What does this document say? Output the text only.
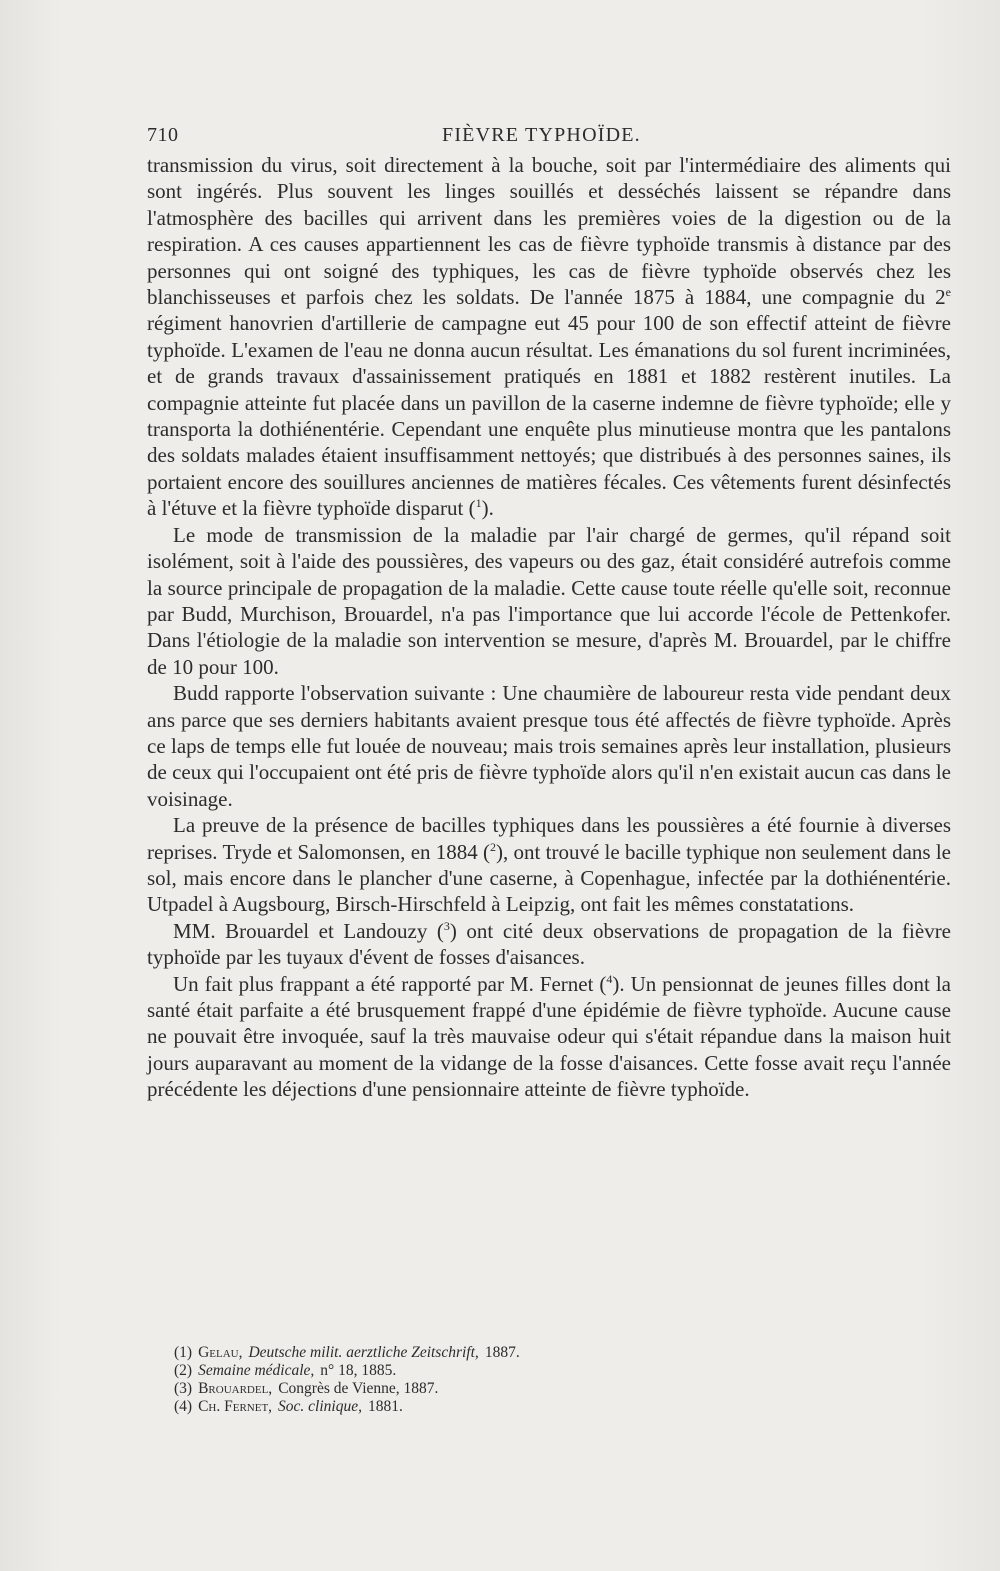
710	FIÈVRE TYPHOÏDE.

transmission du virus, soit directement à la bouche, soit par l'intermédiaire des aliments qui sont ingérés. Plus souvent les linges souillés et desséchés laissent se répandre dans l'atmosphère des bacilles qui arrivent dans les premières voies de la digestion ou de la respiration. A ces causes appartiennent les cas de fièvre typhoïde transmis à distance par des personnes qui ont soigné des typhiques, les cas de fièvre typhoïde observés chez les blanchisseuses et parfois chez les soldats. De l'année 1875 à 1884, une compagnie du 2e régiment hanovrien d'artillerie de campagne eut 45 pour 100 de son effectif atteint de fièvre typhoïde. L'examen de l'eau ne donna aucun résultat. Les émanations du sol furent incriminées, et de grands travaux d'assainissement pratiqués en 1881 et 1882 restèrent inutiles. La compagnie atteinte fut placée dans un pavillon de la caserne indemne de fièvre typhoïde; elle y transporta la dothiénentérie. Cependant une enquête plus minutieuse montra que les pantalons des soldats malades étaient insuffisamment nettoyés; que distribués à des personnes saines, ils portaient encore des souillures anciennes de matières fécales. Ces vêtements furent désinfectés à l'étuve et la fièvre typhoïde disparut ($^1$).

Le mode de transmission de la maladie par l'air chargé de germes, qu'il répand soit isolément, soit à l'aide des poussières, des vapeurs ou des gaz, était considéré autrefois comme la source principale de propagation de la maladie. Cette cause toute réelle qu'elle soit, reconnue par Budd, Murchison, Brouardel, n'a pas l'importance que lui accorde l'école de Pettenkofer. Dans l'étiologie de la maladie son intervention se mesure, d'après M. Brouardel, par le chiffre de 10 pour 100.

Budd rapporte l'observation suivante : Une chaumière de laboureur resta vide pendant deux ans parce que ses derniers habitants avaient presque tous été affectés de fièvre typhoïde. Après ce laps de temps elle fut louée de nouveau; mais trois semaines après leur installation, plusieurs de ceux qui l'occupaient ont été pris de fièvre typhoïde alors qu'il n'en existait aucun cas dans le voisinage.

La preuve de la présence de bacilles typhiques dans les poussières a été fournie à diverses reprises. Tryde et Salomonsen, en 1884 ($^2$), ont trouvé le bacille typhique non seulement dans le sol, mais encore dans le plancher d'une caserne, à Copenhague, infectée par la dothiénentérie. Utpadel à Augsbourg, Birsch-Hirschfeld à Leipzig, ont fait les mêmes constatations.

MM. Brouardel et Landouzy ($^3$) ont cité deux observations de propagation de la fièvre typhoïde par les tuyaux d'évent de fosses d'aisances.

Un fait plus frappant a été rapporté par M. Fernet ($^4$). Un pensionnat de jeunes filles dont la santé était parfaite a été brusquement frappé d'une épidémie de fièvre typhoïde. Aucune cause ne pouvait être invoquée, sauf la très mauvaise odeur qui s'était répandue dans la maison huit jours auparavant au moment de la vidange de la fosse d'aisances. Cette fosse avait reçu l'année précédente les déjections d'une pensionnaire atteinte de fièvre typhoïde.

(1) Gelau, Deutsche milit. aerztliche Zeitschrift, 1887.
(2) Semaine médicale, n° 18, 1885.
(3) Brouardel, Congrès de Vienne, 1887.
(4) Ch. Fernet, Soc. clinique, 1881.
